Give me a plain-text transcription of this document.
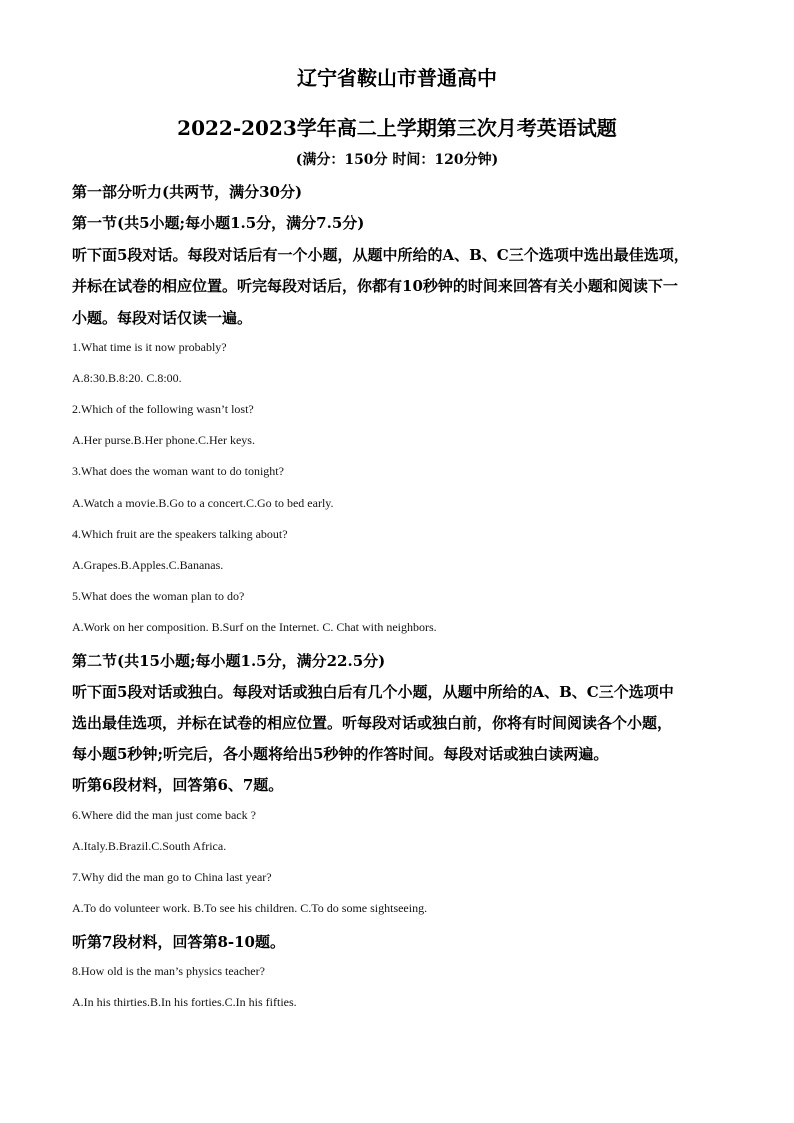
辽宁省鞍山市普通高中
2022-2023学年高二上学期第三次月考英语试题
(满分：150分 时间：120分钟)
第一部分听力(共两节，满分30分)
第一节(共5小题;每小题1.5分，满分7.5分)
听下面5段对话。每段对话后有一个小题，从题中所给的A、B、C三个选项中选出最佳选项，
并标在试卷的相应位置。听完每段对话后，你都有10秒钟的时间来回答有关小题和阅读下一
小题。每段对话仅读一遍。
1.What time is it now probably?
A.8:30.B.8:20. C.8:00.
2.Which of the following wasn’t lost?
A.Her purse.B.Her phone.C.Her keys.
3.What does the woman want to do tonight?
A.Watch a movie.B.Go to a concert.C.Go to bed early.
4.Which fruit are the speakers talking about?
A.Grapes.B.Apples.C.Bananas.
5.What does the woman plan to do?
A.Work on her composition. B.Surf on the Internet. C. Chat with neighbors.
第二节(共15小题;每小题1.5分，满分22.5分)
听下面5段对话或独白。每段对话或独白后有几个小题，从题中所给的A、B、C三个选项中
选出最佳选项，并标在试卷的相应位置。听每段对话或独白前，你将有时间阅读各个小题，
每小题5秒钟;听完后，各小题将给出5秒钟的作答时间。每段对话或独白读两遍。
听第6段材料，回答第6、7题。
6.Where did the man just come back ?
A.Italy.B.Brazil.C.South Africa.
7.Why did the man go to China last year?
A.To do volunteer work. B.To see his children. C.To do some sightseeing.
听第7段材料，回答第8-10题。
8.How old is the man’s physics teacher?
A.In his thirties.B.In his forties.C.In his fifties.
